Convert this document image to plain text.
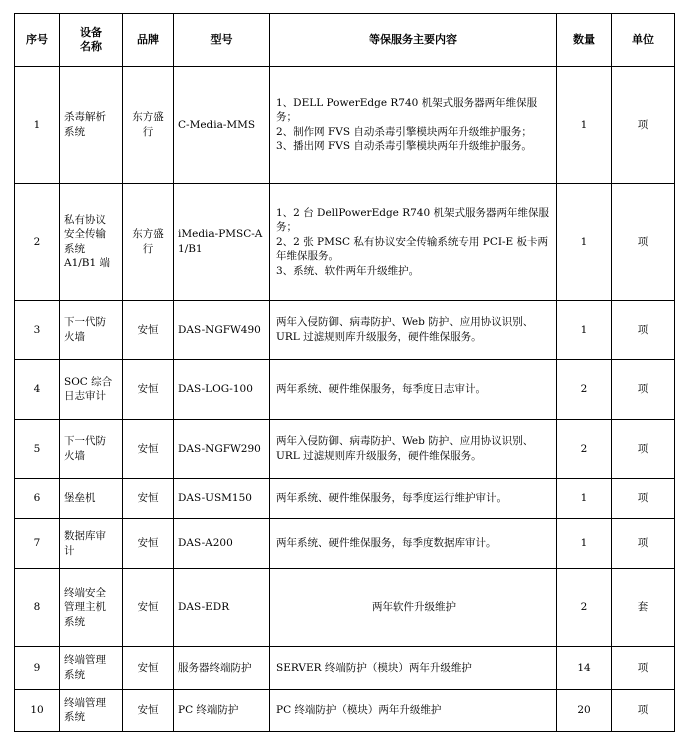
序号	设备
名称	品牌	型号	等保服务主要内容	数量	单位
1	杀毒解析
系统	东方盛
行	C-Media-MMS	1、DELL PowerEdge R740 机架式服务器两年维保服务；
2、制作网 FVS 自动杀毒引擎模块两年升级维护服务；
3、播出网 FVS 自动杀毒引擎模块两年升级维护服务。	1	项
2	私有协议
安全传输
系统
A1/B1 端	东方盛
行	iMedia-PMSC-A1/B1	1、2 台 DellPowerEdge R740 机架式服务器两年维保服务；
2、2 张 PMSC 私有协议安全传输系统专用 PCI-E 板卡两年维保服务。
3、系统、软件两年升级维护。	1	项
3	下一代防
火墙	安恒	DAS-NGFW490	两年入侵防御、病毒防护、Web 防护、应用协议识别、URL 过滤规则库升级服务，硬件维保服务。	1	项
4	SOC 综合
日志审计	安恒	DAS-LOG-100	两年系统、硬件维保服务，每季度日志审计。	2	项
5	下一代防
火墙	安恒	DAS-NGFW290	两年入侵防御、病毒防护、Web 防护、应用协议识别、URL 过滤规则库升级服务，硬件维保服务。	2	项
6	堡垒机	安恒	DAS-USM150	两年系统、硬件维保服务，每季度运行维护审计。	1	项
7	数据库审
计	安恒	DAS-A200	两年系统、硬件维保服务，每季度数据库审计。	1	项
8	终端安全
管理主机
系统	安恒	DAS-EDR	两年软件升级维护	2	套
9	终端管理
系统	安恒	服务器终端防护	SERVER 终端防护（模块）两年升级维护	14	项
10	终端管理
系统	安恒	PC 终端防护	PC 终端防护（模块）两年升级维护	20	项
